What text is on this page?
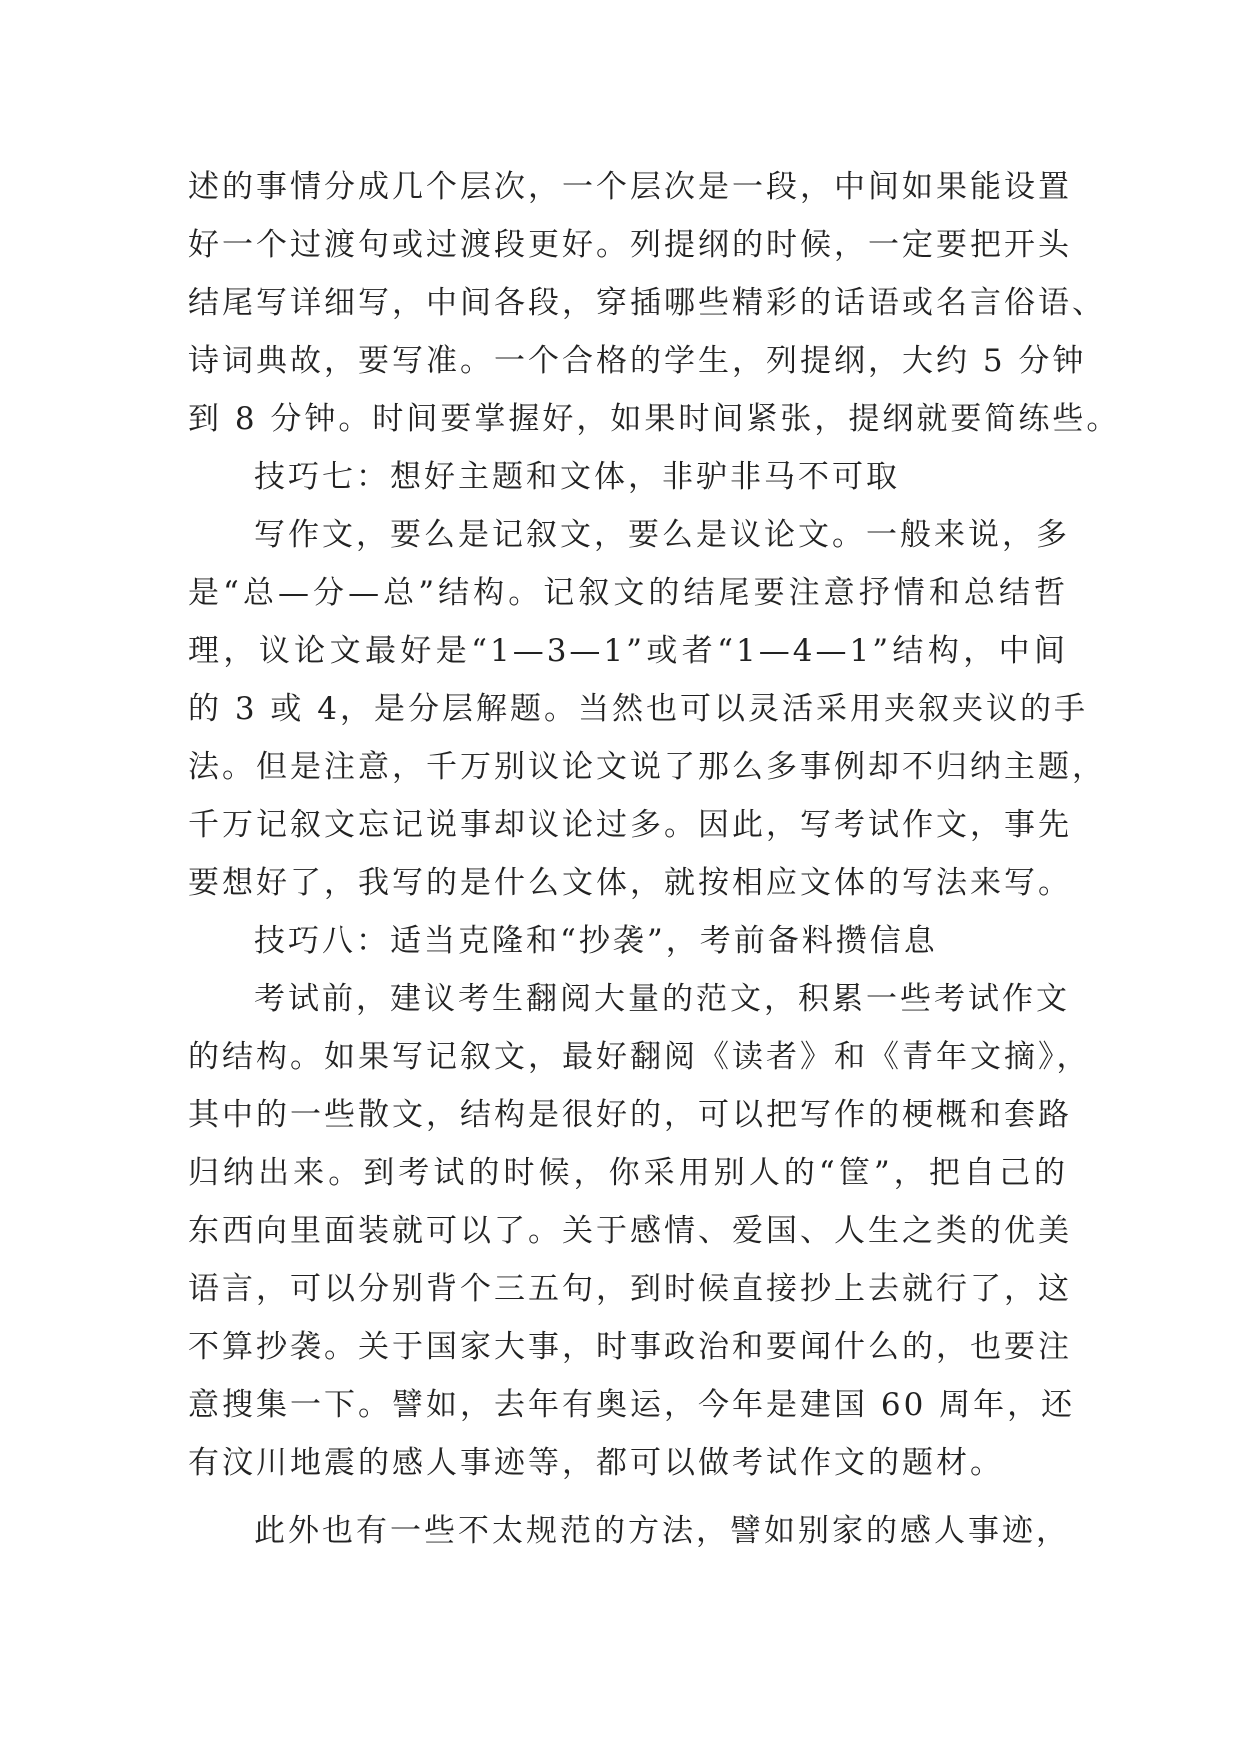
述的事情分成几个层次，一个层次是一段，中间如果能设置
好一个过渡句或过渡段更好。列提纲的时候，一定要把开头
结尾写详细写，中间各段，穿插哪些精彩的话语或名言俗语、
诗词典故，要写准。一个合格的学生，列提纲，大约 5 分钟
到 8 分钟。时间要掌握好，如果时间紧张，提纲就要简练些。
技巧七：想好主题和文体，非驴非马不可取
写作文，要么是记叙文，要么是议论文。一般来说，多
是“总—分—总”结构。记叙文的结尾要注意抒情和总结哲
理，议论文最好是“1—3—1”或者“1—4—1”结构，中间
的 3 或 4，是分层解题。当然也可以灵活采用夹叙夹议的手
法。但是注意，千万别议论文说了那么多事例却不归纳主题，
千万记叙文忘记说事却议论过多。因此，写考试作文，事先
要想好了，我写的是什么文体，就按相应文体的写法来写。
技巧八：适当克隆和“抄袭”，考前备料攒信息
考试前，建议考生翻阅大量的范文，积累一些考试作文
的结构。如果写记叙文，最好翻阅《读者》和《青年文摘》，
其中的一些散文，结构是很好的，可以把写作的梗概和套路
归纳出来。到考试的时候，你采用别人的“筐”，把自己的
东西向里面装就可以了。关于感情、爱国、人生之类的优美
语言，可以分别背个三五句，到时候直接抄上去就行了，这
不算抄袭。关于国家大事，时事政治和要闻什么的，也要注
意搜集一下。譬如，去年有奥运，今年是建国 60 周年，还
有汶川地震的感人事迹等，都可以做考试作文的题材。
此外也有一些不太规范的方法，譬如别家的感人事迹，
